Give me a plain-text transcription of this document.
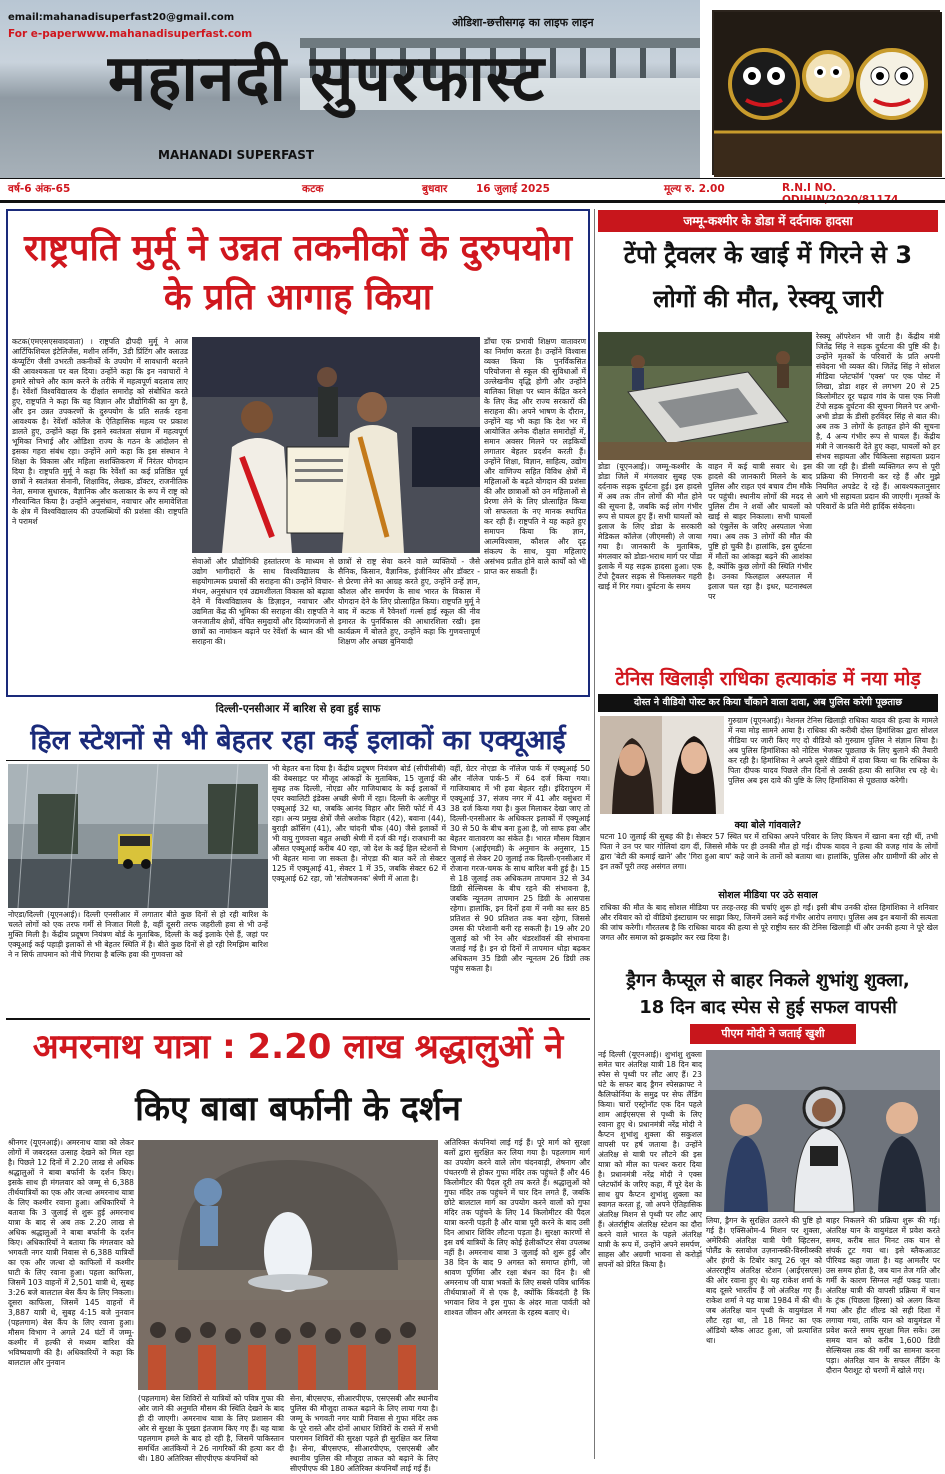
email:mahanadisuperfast20@gmail.com
For e-paperwww.mahanadisuperfast.com
ओडिशा-छत्तीसगढ़ का लाइफ लाइन
महानदी सुपरफास्ट
MAHANADI SUPERFAST
वर्ष-6 अंक-65	कटक	बुधवार	16 जुलाई 2025	मूल्य रु. 2.00	R.N.I NO.
राष्ट्रपति मुर्मू ने उन्नत तकनीकों के दुरुपयोग
के प्रति आगाह किया
कटक(एमएसएसवादवाता) । राष्ट्रपति द्रौपदी मुर्मू ने आज आर्टिफिशियल इंटेलिजेंस, मशीन लर्निंग, 3डी प्रिंटिंग और क्लाउड कंप्यूटिंग जैसी उभरती तकनीकों के उपयोग में सावधानी बरतने की आवश्यकता पर बल दिया। उन्होंने कहा कि इन नवाचारों ने हमारे सोचने और काम करने के तरीके में महत्वपूर्ण बदलाव लाए हैं। रेवेंशॉ विश्वविद्यालय के दीक्षांत समारोह को संबोधित करते हुए, राष्ट्रपति ने कहा कि यह विज्ञान और प्रौद्योगिकी का युग है, और इन उन्नत उपकरणों के दुरुपयोग के प्रति सतर्क रहना आवश्यक है। रेवेंशॉ कॉलेज के ऐतिहासिक महत्व पर प्रकाश डालते हुए, उन्होंने कहा कि इसने स्वतंत्रता संग्राम में महत्वपूर्ण भूमिका निभाई और ओडिशा राज्य के गठन के आंदोलन से इसका गहरा संबंध रहा। उन्होंने आगे कहा कि इस संस्थान ने शिक्षा के विकास और महिला सशक्तिकरण में निरंतर योगदान दिया है। राष्ट्रपति मुर्मू ने कहा कि रेवेंशॉ का कई प्रतिष्ठित पूर्व छात्रों ने स्वतंत्रता सेनानी, शिक्षाविद, लेखक, डॉक्टर, राजनीतिक नेता, समाज सुधारक, वैज्ञानिक और कलाकार के रूप में राष्ट्र को गौरवान्वित किया है। उन्होंने अनुसंधान, नवाचार और समावेशिता के क्षेत्र में विश्वविद्यालय की उपलब्धियों की प्रशंसा की। राष्ट्रपति ने परामर्श
डाँचा एक प्रभावी शिक्षण वातावरण का निर्माण करता है। उन्होंने विश्वास व्यक्त किया कि पुनर्विकसित परियोजना से स्कूल की सुविधाओं में उल्लेखनीय वृद्धि होगी और उन्होंने बालिका शिक्षा पर ध्यान केंद्रित करने के लिए केंद्र और राज्य सरकारों की सराहना की। अपने भाषण के दौरान, उन्होंने यह भी कहा कि देश भर में आयोजित अनेक दीक्षांत समारोहों में, समान अवसर मिलने पर लड़कियों लगातार बेहतर प्रदर्शन करती हैं। उन्होंने शिक्षा, विज्ञान, साहित्य, उद्योग और वाणिज्य सहित विविध क्षेत्रों में महिलाओं के बढ़ते योगदान की प्रशंसा की और छात्राओं को उन महिलाओं से प्रेरणा लेने के लिए प्रोत्साहित किया जो सफलता के नए मानक स्थापित कर रही हैं। राष्ट्रपति ने यह कहते हुए समापन किया कि ज्ञान, आत्मविश्वास, कौशल और दृढ़ संकल्प के साथ, युवा महिलाएं असंभव प्रतीत होने वाले कार्यों को भी प्राप्त कर सकती हैं।
सेवाओं और प्रौद्योगिकी हस्तांतरण के माध्यम से उद्योग भागीदारों के साथ विश्वविद्यालय के सहयोगात्मक प्रयासों की सराहना की। उन्होंने विचार-मंथन, अनुसंधान एवं उद्यमशीलता विकास को बढ़ावा देने में विश्वविद्यालय के डिज़ाइन, नवाचार और उद्यमिता केंद्र की भूमिका की सराहना की। राष्ट्रपति ने जनजातीय क्षेत्रों, वंचित समुदायों और दिव्यांगजनों से छात्रों का नामांकन बढ़ाने पर रेवेंशॉ के ध्यान की भी सराहना की।
छात्रों से राष्ट्र सेवा करने वाले व्यक्तियों - जैसे सैनिक, किसान, वैज्ञानिक, इंजीनियर और डॉक्टर - से प्रेरणा लेने का आग्रह करते हुए, उन्होंने उन्हें ज्ञान, कौशल और समर्पण के साथ भारत के विकास में योगदान देने के लिए प्रोत्साहित किया। राष्ट्रपति मुर्मू ने बाद में कटक में रैवेनशॉ गर्ल्स हाई स्कूल की नीव इमारत के पुनर्विकास की आधारशिला रखी। इस कार्यक्रम में बोलते हुए, उन्होंने कहा कि गुणवत्तापूर्ण शिक्षण और अच्छा बुनियादी
जम्मू-कश्मीर के डोडा में दर्दनाक हादसा
टेंपो ट्रैवलर के खाई में गिरने से 3
लोगों की मौत, रेस्क्यू जारी
रेस्क्यू ऑपरेशन भी जारी है। केंद्रीय मंत्री जितेंद्र सिंह ने सड़क दुर्घटना की पुष्टि की है। उन्होंने मृतकों के परिवारों के प्रति अपनी संवेदना भी व्यक्त की। जितेंद्र सिंह ने सोशल मीडिया प्लेटफॉर्म 'एक्स' पर एक पोस्ट में लिखा, डोडा शहर से लगभग 20 से 25 किलोमीटर दूर चढ़ाव गांव के पास एक निजी टेंपो सड़क दुर्घटना की सूचना मिलने पर अभी-अभी डोडा के डीसी हरविंदर सिंह से बात की। अब तक 3 लोगों के हताहत होने की सूचना है, 4 अन्य गंभीर रूप से घायल हैं। केंद्रीय मंत्री ने जानकारी देते हुए कहा, घायलों को हर संभव सहायता और चिकित्सा सहायता प्रदान की जा रही है। डीसी व्यक्तिगत रूप से पूरी प्रक्रिया की निगरानी कर रहे हैं और मुझे नियमित अपडेट दे रहे हैं। आवश्यकतानुसार आगे भी सहायता प्रदान की जाएगी। मृतकों के परिवारों के प्रति मेरी हार्दिक संवेदना।
डोडा (यूएनआई)। जम्मू-कश्मीर के डोडा जिले में मंगलवार सुबह एक दर्दनाक सड़क दुर्घटना हुई। इस हादसे में अब तक तीन लोगों की मौत होने की सूचना है, जबकि कई लोग गंभीर रूप से घायल हुए हैं। सभी घायलों को इलाज के लिए डोडा के सरकारी मेडिकल कॉलेज (जीएमसी) ले जाया गया है। जानकारी के मुताबिक, मंगलवार को डोडा-भराथ मार्ग पर पोंडा इलाके में यह सड़क हादसा हुआ। एक टेंपो ट्रैवलर सड़क से फिसलकर गहरी खाई में गिर गया। दुर्घटना के समय
वाहन में कई यात्री सवार थे। इस हादसे की जानकारी मिलने के बाद पुलिस और राहत एवं बचाव टीम मौके पर पहुंची। स्थानीय लोगों की मदद से पुलिस टीम ने शवों और घायलों को खाई से बाहर निकाला। सभी घायलों को एंबुलेंस के जरिए अस्पताल भेजा गया। अब तक 3 लोगों की मौत की पुष्टि हो चुकी है। हालांकि, इस दुर्घटना में मौतों का आंकड़ा बढ़ने की आशंका है, क्योंकि कुछ लोगों की स्थिति गंभीर है। उनका फिलहाल अस्पताल में इलाज चल रहा है। इधर, घटनास्थल पर
टेनिस खिलाड़ी राधिका हत्याकांड में नया मोड़
दोस्त ने वीडियो पोस्ट कर किया चौंकाने वाला दावा, अब पुलिस करेगी पूछताछ
गुरुग्राम (यूएनआई)। नेशनल टेनिस खिलाड़ी राधिका यादव की हत्या के मामले में नया मोड़ सामने आया है। राधिका की करीबी दोस्त हिमांशिका द्वारा सोशल मीडिया पर जारी किए गए दो वीडियो को गुरुग्राम पुलिस ने संज्ञान लिया है। अब पुलिस हिमांशिका को नोटिस भेजकर पूछताछ के लिए बुलाने की तैयारी कर रही है। हिमांशिका ने अपने दूसरे वीडियो में दावा किया था कि राधिका के पिता दीपक यादव पिछले तीन दिनों से उसकी हत्या की साजिश रच रहे थे। पुलिस अब इस दावे की पुष्टि के लिए हिमांशिका से पूछताछ करेगी।
क्या बोले गांववाले?
घटना 10 जुलाई की सुबह की है। सेक्टर 57 स्थित घर में राधिका अपने परिवार के लिए किचन में खाना बना रही थीं, तभी पिता ने उन पर चार गोलियां दाग दीं, जिससे मौके पर ही उनकी मौत हो गई। दीपक यादव ने हत्या की वजह गांव के लोगों द्वारा 'बेटी की कमाई खाने' और 'गिरा हुआ बाप' कहे जाने के तानों को बताया था। हालांकि, पुलिस और ग्रामीणों की ओर से इन तर्कों पूरी तरह असंगत लगा।
सोशल मीडिया पर उठे सवाल
राधिका की मौत के बाद सोशल मीडिया पर तरह-तरह की चर्चाएं शुरू हो गईं। इसी बीच उनकी दोस्त हिमांशिका ने शनिवार और रविवार को दो वीडियो इंस्टाग्राम पर साझा किए, जिनमें उसने कई गंभीर आरोप लगाए। पुलिस अब इन बयानों की सत्यता की जांच करेगी। गौरतलब है कि राधिका यादव की हत्या से पूरे राष्ट्रीय स्तर की टेनिस खिलाड़ी थीं और उनकी हत्या ने पूरे खेल जगत और समाज को झकझोर कर रख दिया है।
दिल्ली-एनसीआर में बारिश से हवा हुई साफ
हिल स्टेशनों से भी बेहतर रहा कई इलाकों का एक्यूआई
नोएडा/दिल्ली (यूएनआई)। दिल्ली एनसीआर में लगातार बीते कुछ दिनों से हो रही बारिश के चलते लोगों को एक तरफ गर्मी से निजात मिली है, वहीं दूसरी तरफ जहरीली हवा से भी उन्हें मुक्ति मिली है। केंद्रीय प्रदूषण नियंत्रण बोर्ड के मुताबिक, दिल्ली के कई इलाके ऐसे हैं, जहां पर एक्यूआई कई पहाड़ी इलाकों से भी बेहतर स्थिति में है। बीते कुछ दिनों से हो रही रिमझिम बारिश ने न सिर्फ तापमान को नीचे गिराया है बल्कि हवा की गुणवत्ता को
भी बेहतर बना दिया है। केंद्रीय प्रदूषण नियंत्रण बोर्ड (सीपीसीबी) की वेबसाइट पर मौजूद आंकड़ों के मुताबिक, 15 जुलाई की सुबह तक दिल्ली, नोएडा और गाजियाबाद के कई इलाकों में एयर क्वालिटी इंडेक्स अच्छी श्रेणी में रहा। दिल्ली के अलीपुर में एक्यूआई 32 था, जबकि आनंद विहार और सिरी फोर्ट में 43 रहा। अन्य प्रमुख क्षेत्रों जैसे अशोक विहार (42), बवाना (44), बुराड़ी क्रॉसिंग (41), और चांदनी चौक (40) जैसे इलाकों में भी वायु गुणवत्ता बहुत अच्छी श्रेणी में दर्ज की गई। राजधानी का औसत एक्यूआई करीब 40 रहा, जो देश के कई हिल स्टेशनों से भी बेहतर माना जा सकता है। नोएडा की बात करें तो सेक्टर 125 में एक्यूआई 41, सेक्टर 1 में 35, जबकि सेक्टर 62 में एक्यूआई 62 रहा, जो 'संतोषजनक' श्रेणी में आता है।
वहीं, ग्रेटर नोएडा के नॉलेज पार्क में एक्यूआई 50 और नॉलेज पार्क-5 में 64 दर्ज किया गया। गाजियाबाद में भी हवा बेहतर रही। इंदिरापुरम में एक्यूआई 37, संजय नगर में 41 और वसुंधरा में 38 दर्ज किया गया है। कुल मिलाकर देखा जाए तो दिल्ली-एनसीआर के अधिकतर इलाकों में एक्यूआई 30 से 50 के बीच बना हुआ है, जो साफ हवा और बेहतर वातावरण का संकेत है। भारत मौसम विज्ञान विभाग (आईएमडी) के अनुमान के अनुसार, 15 जुलाई से लेकर 20 जुलाई तक दिल्ली-एनसीआर में रोजाना गरज-चमक के साथ बारिश बनी हुई है। 15 से 18 जुलाई तक अधिकतम तापमान 32 से 34 डिग्री सेल्सियस के बीच रहने की संभावना है, जबकि न्यूनतम तापमान 25 डिग्री के आसपास रहेगा। हालांकि, इन दिनों हवा में नमी का स्तर 85 प्रतिशत से 90 प्रतिशत तक बना रहेगा, जिससे उमस की परेशानी बनी रह सकती है। 19 और 20 जुलाई को भी रेन और थंडरशॉवर्स की संभावना जताई गई है। इन दो दिनों में तापमान थोड़ा बढ़कर अधिकतम 35 डिग्री और न्यूनतम 26 डिग्री तक पहुंच सकता है।
अमरनाथ यात्रा : 2.20 लाख श्रद्धालुओं ने
किए बाबा बर्फानी के दर्शन
श्रीनगर (यूएनआई)। अमरनाथ यात्रा को लेकर लोगों में जबरदस्त उत्साह देखने को मिल रहा है। पिछले 12 दिनों में 2.20 लाख से अधिक श्रद्धालुओं ने बाबा बर्फानी के दर्शन किए। इसके साथ ही मंगलवार को जम्मू से 6,388 तीर्थयात्रियों का एक और जत्था अमरनाथ यात्रा के लिए कश्मीर रवाना हुआ। अधिकारियों ने बताया कि 3 जुलाई से शुरू हुई अमरनाथ यात्रा के बाद से अब तक 2.20 लाख से अधिक श्रद्धालुओं ने बाबा बर्फानी के दर्शन किए। अधिकारियों ने बताया कि मंगलवार को भगवती नगर यात्री निवास से 6,388 यात्रियों का एक और जत्था दो काफिलों में कश्मीर घाटी के लिए रवाना हुआ। पहला काफिला, जिसमें 103 वाहनों में 2,501 यात्री थे, सुबह 3:26 बजे बालटाल बेस कैंप के लिए निकला। दूसरा काफिला, जिसमें 145 वाहनों में 3,887 यात्री थे, सुबह 4:15 बजे नुनवान (पहलगाम) बेस कैंप के लिए रवाना हुआ। मौसम विभाग ने अगले 24 घंटों में जम्मू-कश्मीर में हल्की से मध्यम बारिश की भविष्यवाणी की है। अधिकारियों ने कहा कि बालटाल और नुनवान
(पहलगाम) बेस शिविरों से यात्रियों को पवित्र गुफा की ओर जाने की अनुमति मौसम की स्थिति देखने के बाद ही दी जाएगी। अमरनाथ यात्रा के लिए प्रशासन की ओर से सुरक्षा के पुख्ता इंतजाम किए गए हैं। यह यात्रा पहलगाम हमले के बाद हो रही है, जिसमें पाकिस्तान समर्थित आतंकियों ने 26 नागरिकों की हत्या कर दी थी। 180 अतिरिक्त सीएपीएफ कंपनियों को
सेना, बीएसएफ, सीआरपीएफ, एसएसबी और स्थानीय पुलिस की मौजूदा ताकत बढ़ाने के लिए लाया गया है। जम्मू के भगवती नगर यात्री निवास से गुफा मंदिर तक के पूरे रास्ते और दोनों आधार शिविरों के रास्ते में सभी पारगमन शिविरों की सुरक्षा पहले ही सुरक्षित कर लिया है। सेना, बीएसएफ, सीआरपीएफ, एसएसबी और स्थानीय पुलिस की मौजूदा ताकत को बढ़ाने के लिए सीएपीएफ की 180 अतिरिक्त कंपनियाँ लाई गई हैं।
अतिरिक्त कंपनियां लाई गई हैं। पूरे मार्ग को सुरक्षा बलों द्वारा सुरक्षित कर लिया गया है। पहलगाम मार्ग का उपयोग करने वाले लोग चंदनवाड़ी, शेषनाग और पंचतरणी से होकर गुफा मंदिर तक पहुंचते हैं और 46 किलोमीटर की पैदल दूरी तय करते हैं। श्रद्धालुओं को गुफा मंदिर तक पहुंचने में चार दिन लगते हैं, जबकि छोटे बालटाल मार्ग का उपयोग करने वालों को गुफा मंदिर तक पहुंचने के लिए 14 किलोमीटर की पैदल यात्रा करनी पड़ती है और यात्रा पूरी करने के बाद उसी दिन आधार शिविर लौटना पड़ता है। सुरक्षा कारणों से इस वर्ष यात्रियों के लिए कोई हेलीकॉप्टर सेवा उपलब्ध नहीं है। अमरनाथ यात्रा 3 जुलाई को शुरू हुई और 38 दिन के बाद 9 अगस्त को समाप्त होगी, जो श्रावण पूर्णिमा और रक्षा बंधन का दिन है। श्री अमरनाथ जी यात्रा भक्तों के लिए सबसे पवित्र धार्मिक तीर्थयात्राओं में से एक है, क्योंकि किंवदंती है कि भगवान शिव ने इस गुफा के अंदर माता पार्वती को शाश्वत जीवन और अमरता के रहस्य बताए थे।
ड्रैगन कैप्सूल से बाहर निकले शुभांशु शुक्ला,
18 दिन बाद स्पेस से हुई सफल वापसी
पीएम मोदी ने जताई खुशी
नई दिल्ली (यूएनआई)। शुभांशु शुक्ला समेत चार अंतरिक्ष यात्री 18 दिन बाद स्पेस से पृथ्वी पर लौट आए हैं। 23 घंटे के सफर बाद ड्रैगन स्पेसक्राफ्ट ने कैलिफोर्निया के समुद्र पर सेफ लैंडिंग किया। चारों एस्ट्रोनॉट एक दिन पहले शाम आईएसएस से पृथ्वी के लिए रवाना हुए थे। प्रधानमंत्री नरेंद्र मोदी ने कैप्टन शुभांशु शुक्ला की सकुशल वापसी पर हर्ष जताया है। उन्होंने अंतरिक्ष से यात्री पर लौटने की इस यात्रा को मील का पत्थर करार दिया है। प्रधानमंत्री नरेंद्र मोदी ने एक्स प्लेटफॉर्म के जरिए कहा, मैं पूरे देश के साथ ग्रुप कैप्टन शुभांशु शुक्ला का स्वागत करता हूं, जो अपने ऐतिहासिक अंतरिक्ष मिशन से पृथ्वी पर लौट आए हैं। अंतर्राष्ट्रीय अंतरिक्ष स्टेशन का दौरा करने वाले भारत के पहले अंतरिक्ष यात्री के रूप में, उन्होंने अपने समर्पण, साहस और अग्रणी भावना से करोड़ों सपनों को प्रेरित किया है।
लिया, ड्रैगन के सुरक्षित उतरने की पुष्टि हो गई है। एक्सिओम-4 मिशन पर शुक्ला, अमेरिकी अंतरिक्ष यात्री पेगी व्हिटसन, पोलैंड के स्लावोज उज़नान्स्की-विस्नीव्स्की और हंगरी के टिबोर कापू 26 जून को अंतरराष्ट्रीय अंतरिक्ष स्टेशन (आईएसएस) की ओर रवाना हुए थे। यह राकेश शर्मा के बाद दूसरे भारतीय हैं जो अंतरिक्ष गए हैं। राकेश शर्मा ने यह यात्रा 1984 में की थी। जब अंतरिक्ष यान पृथ्वी के वायुमंडल में लौट रहा था, तो 18 मिनट का एक ऑडियो ब्लैक आउट हुआ, जो प्रत्याशित था।
बाहर निकलने की प्रक्रिया शुरू की गई। अंतरिक्ष यान के वायुमंडल में प्रवेश करते समय, करीब सात मिनट तक यान से संपर्क टूट गया था। इसे ब्लैकआउट पीरियड कहा जाता है। यह आमतौर पर उस समय होता है, जब यान तेज गति और गर्मी के कारण सिग्नल नहीं पकड़ पाता। अंतरिक्ष यात्री की वापसी प्रक्रिया में यान के ट्रंक (पिछला हिस्सा) को अलग किया गया और हीट शील्ड को सही दिशा में लगाया गया, ताकि यान को वायुमंडल में प्रवेश करते समय सुरक्षा मिल सके। उस समय यान को करीब 1,600 डिग्री सेल्सियस तक की गर्मी का सामना करना पड़ा। अंतरिक्ष यान के सफल लैंडिंग के दौरान पैराशूट दो चरणों में खोले गए।
